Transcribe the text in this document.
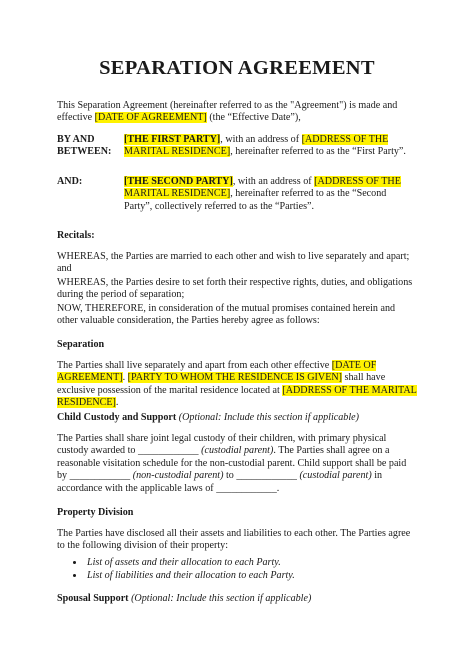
SEPARATION AGREEMENT

This Separation Agreement (hereinafter referred to as the "Agreement") is made and effective [DATE OF AGREEMENT] (the “Effective Date”),

BY AND BETWEEN:
[THE FIRST PARTY], with an address of [ADDRESS OF THE MARITAL RESIDENCE], hereinafter referred to as the “First Party”.
AND:	[THE SECOND PARTY], with an address of [ADDRESS OF THE MARITAL RESIDENCE], hereinafter referred to as the “Second Party”, collectively referred to as the “Parties”.
Recitals:

WHEREAS, the Parties are married to each other and wish to live separately and apart; and

WHEREAS, the Parties desire to set forth their respective rights, duties, and obligations during the period of separation;

NOW, THEREFORE, in consideration of the mutual promises contained herein and other valuable consideration, the Parties hereby agree as follows:

Separation

The Parties shall live separately and apart from each other effective [DATE OF AGREEMENT]. [PARTY TO WHOM THE RESIDENCE IS GIVEN] shall have exclusive possession of the marital residence located at [ADDRESS OF THE MARITAL RESIDENCE].

Child Custody and Support (Optional: Include this section if applicable)

The Parties shall share joint legal custody of their children, with primary physical custody awarded to ____________ (custodial parent). The Parties shall agree on a reasonable visitation schedule for the non-custodial parent. Child support shall be paid by ____________ (non-custodial parent) to ____________ (custodial parent) in accordance with the applicable laws of ____________.

Property Division

The Parties have disclosed all their assets and liabilities to each other. The Parties agree to the following division of their property:

• List of assets and their allocation to each Party.
• List of liabilities and their allocation to each Party.
Spousal Support (Optional: Include this section if applicable)
